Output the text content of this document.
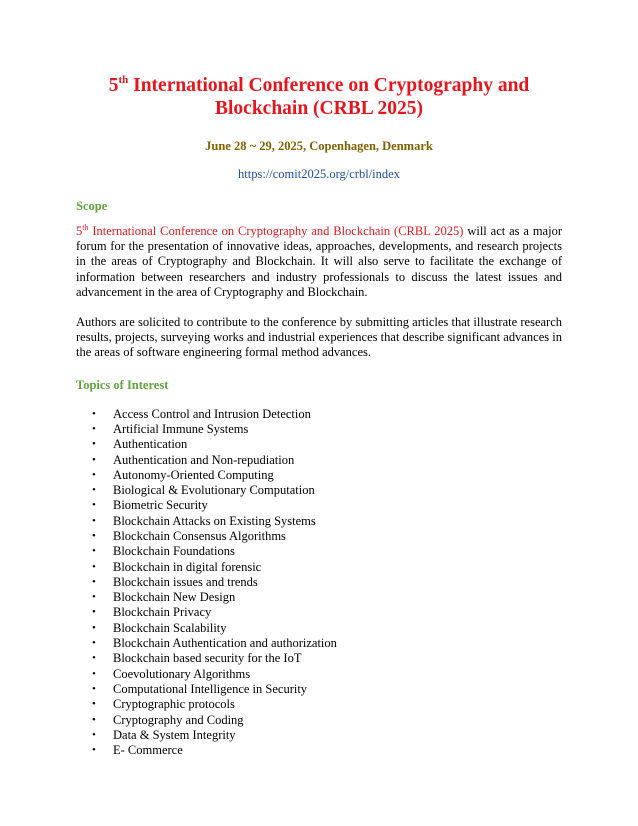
5th International Conference on Cryptography and
Blockchain (CRBL 2025)
June 28 ~ 29, 2025, Copenhagen, Denmark
https://comit2025.org/crbl/index
Scope

5th International Conference on Cryptography and Blockchain (CRBL 2025) will act as a major forum for the presentation of innovative ideas, approaches, developments, and research projects in the areas of Cryptography and Blockchain. It will also serve to facilitate the exchange of information between researchers and industry professionals to discuss the latest issues and advancement in the area of Cryptography and Blockchain.

Authors are solicited to contribute to the conference by submitting articles that illustrate research results, projects, surveying works and industrial experiences that describe significant advances in the areas of software engineering formal method advances.

Topics of Interest
• Access Control and Intrusion Detection
• Artificial Immune Systems
• Authentication
• Authentication and Non-repudiation
• Autonomy-Oriented Computing
• Biological & Evolutionary Computation
• Biometric Security
• Blockchain Attacks on Existing Systems
• Blockchain Consensus Algorithms
• Blockchain Foundations
• Blockchain in digital forensic
• Blockchain issues and trends
• Blockchain New Design
• Blockchain Privacy
• Blockchain Scalability
• Blockchain Authentication and authorization
• Blockchain based security for the IoT
• Coevolutionary Algorithms
• Computational Intelligence in Security
• Cryptographic protocols
• Cryptography and Coding
• Data & System Integrity
• E- Commerce
